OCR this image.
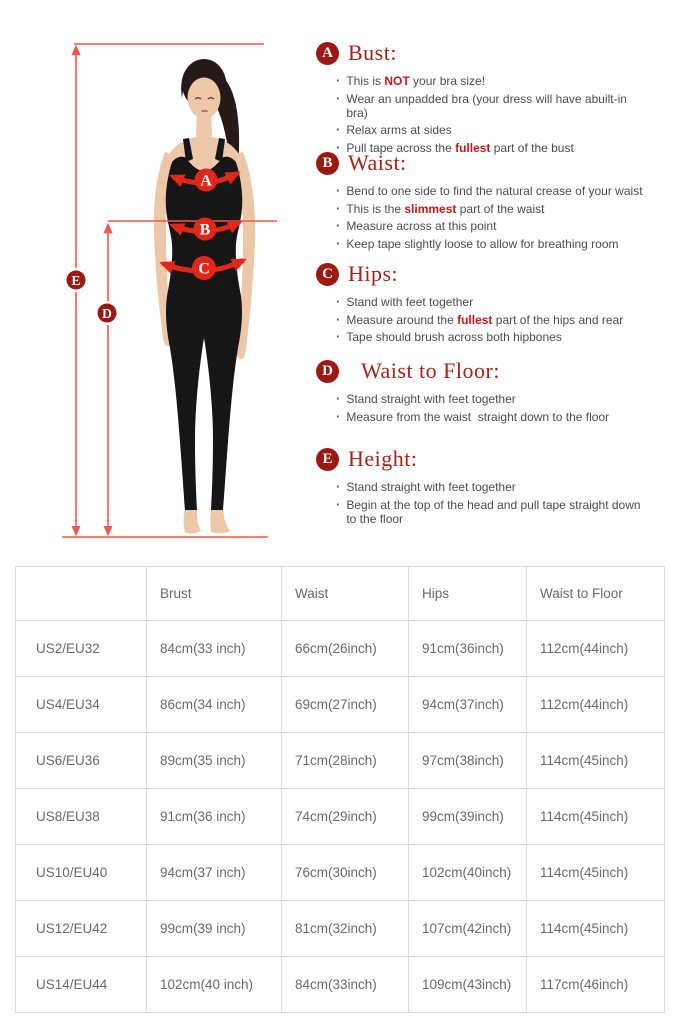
A
B
C
E
D
A Bust:
· This is NOT your bra size!
· Wear an unpadded bra (your dress will have abuilt-in bra)
· Relax arms at sides
· Pull tape across the fullest part of the bust
B Waist:
· Bend to one side to find the natural crease of your waist
· This is the slimmest part of the waist
· Measure across at this point
· Keep tape slightly loose to allow for breathing room
C Hips:
· Stand with feet together
· Measure around the fullest part of the hips and rear
· Tape should brush across both hipbones
D Waist to Floor:
· Stand straight with feet together
· Measure from the waist  straight down to the floor
E Height:
· Stand straight with feet together
· Begin at the top of the head and pull tape straight down to the floor
	Brust	Waist	Hips	Waist to Floor
US2/EU32	84cm(33 inch)	66cm(26inch)	91cm(36inch)	112cm(44inch)
US4/EU34	86cm(34 inch)	69cm(27inch)	94cm(37inch)	112cm(44inch)
US6/EU36	89cm(35 inch)	71cm(28inch)	97cm(38inch)	114cm(45inch)
US8/EU38	91cm(36 inch)	74cm(29inch)	99cm(39inch)	114cm(45inch)
US10/EU40	94cm(37 inch)	76cm(30inch)	102cm(40inch)	114cm(45inch)
US12/EU42	99cm(39 inch)	81cm(32inch)	107cm(42inch)	114cm(45inch)
US14/EU44	102cm(40 inch)	84cm(33inch)	109cm(43inch)	117cm(46inch)
